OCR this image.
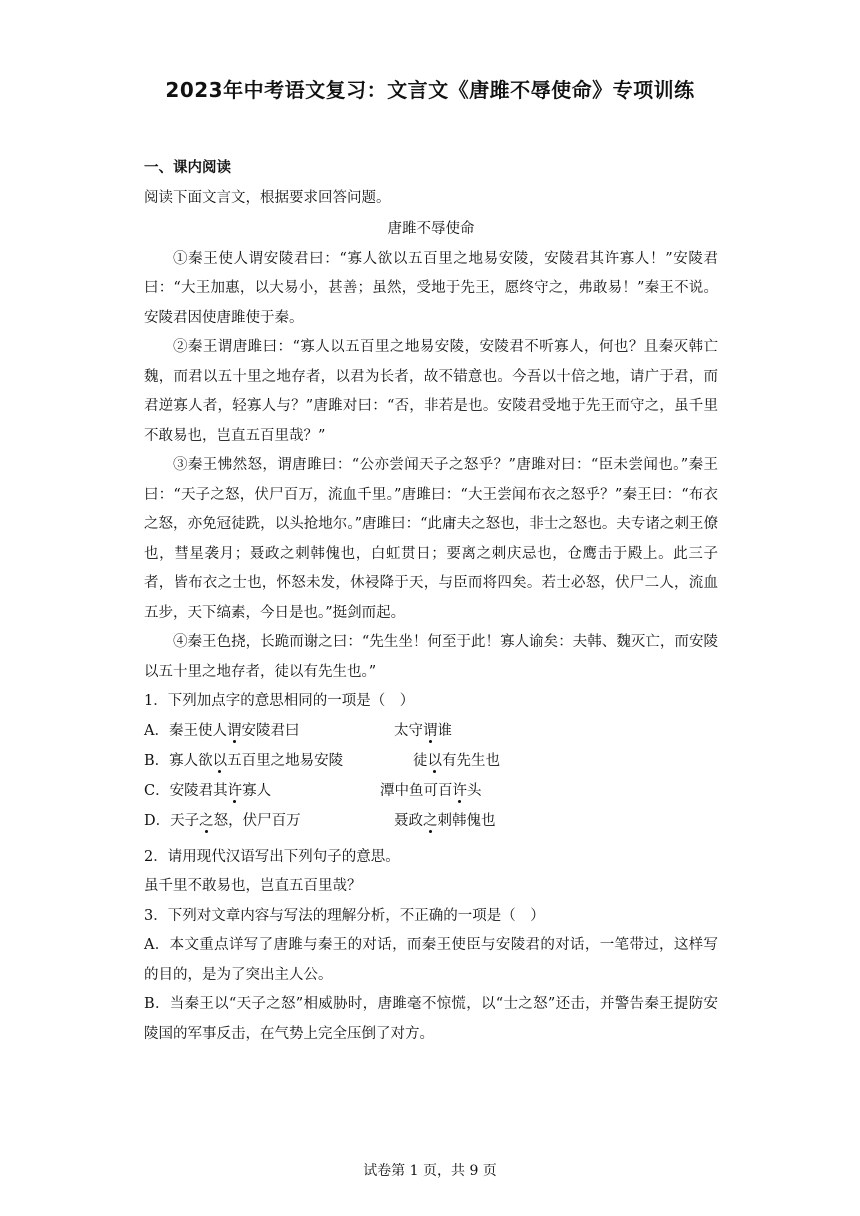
2023年中考语文复习：文言文《唐雎不辱使命》专项训练
一、课内阅读
阅读下面文言文，根据要求回答问题。
唐雎不辱使命

①秦王使人谓安陵君曰：“寡人欲以五百里之地易安陵，安陵君其许寡人！”安陵君曰：“大王加惠，以大易小，甚善；虽然，受地于先王，愿终守之，弗敢易！”秦王不说。安陵君因使唐雎使于秦。

②秦王谓唐雎曰：“寡人以五百里之地易安陵，安陵君不听寡人，何也？且秦灭韩亡魏，而君以五十里之地存者，以君为长者，故不错意也。今吾以十倍之地，请广于君，而君逆寡人者，轻寡人与？”唐雎对曰：“否，非若是也。安陵君受地于先王而守之，虽千里不敢易也，岂直五百里哉？”

③秦王怫然怒，谓唐雎曰：“公亦尝闻天子之怒乎？”唐雎对曰：“臣未尝闻也。”秦王曰：“天子之怒，伏尸百万，流血千里。”唐雎曰：“大王尝闻布衣之怒乎？”秦王曰：“布衣之怒，亦免冠徒跣，以头抢地尔。”唐雎曰：“此庸夫之怒也，非士之怒也。夫专诸之刺王僚也，彗星袭月；聂政之刺韩傀也，白虹贯日；要离之刺庆忌也，仓鹰击于殿上。此三子者，皆布衣之士也，怀怒未发，休祲降于天，与臣而将四矣。若士必怒，伏尸二人，流血五步，天下缟素，今日是也。”挺剑而起。

④秦王色挠，长跪而谢之曰：“先生坐！何至于此！寡人谕矣：夫韩、魏灭亡，而安陵以五十里之地存者，徒以有先生也。”

1．下列加点字的意思相同的一项是（　）
A．秦王使人谓安陵君曰	太守谓谁
B．寡人欲以五百里之地易安陵	徒以有先生也
C．安陵君其许寡人	潭中鱼可百许头
D．天子之怒，伏尸百万	聂政之刺韩傀也
2．请用现代汉语写出下列句子的意思。
虽千里不敢易也，岂直五百里哉？
3．下列对文章内容与写法的理解分析，不正确的一项是（　）

A．本文重点详写了唐雎与秦王的对话，而秦王使臣与安陵君的对话，一笔带过，这样写的目的，是为了突出主人公。

B．当秦王以“天子之怒”相威胁时，唐雎毫不惊慌，以“士之怒”还击，并警告秦王提防安陵国的军事反击，在气势上完全压倒了对方。

试卷第 1 页，共 9 页
